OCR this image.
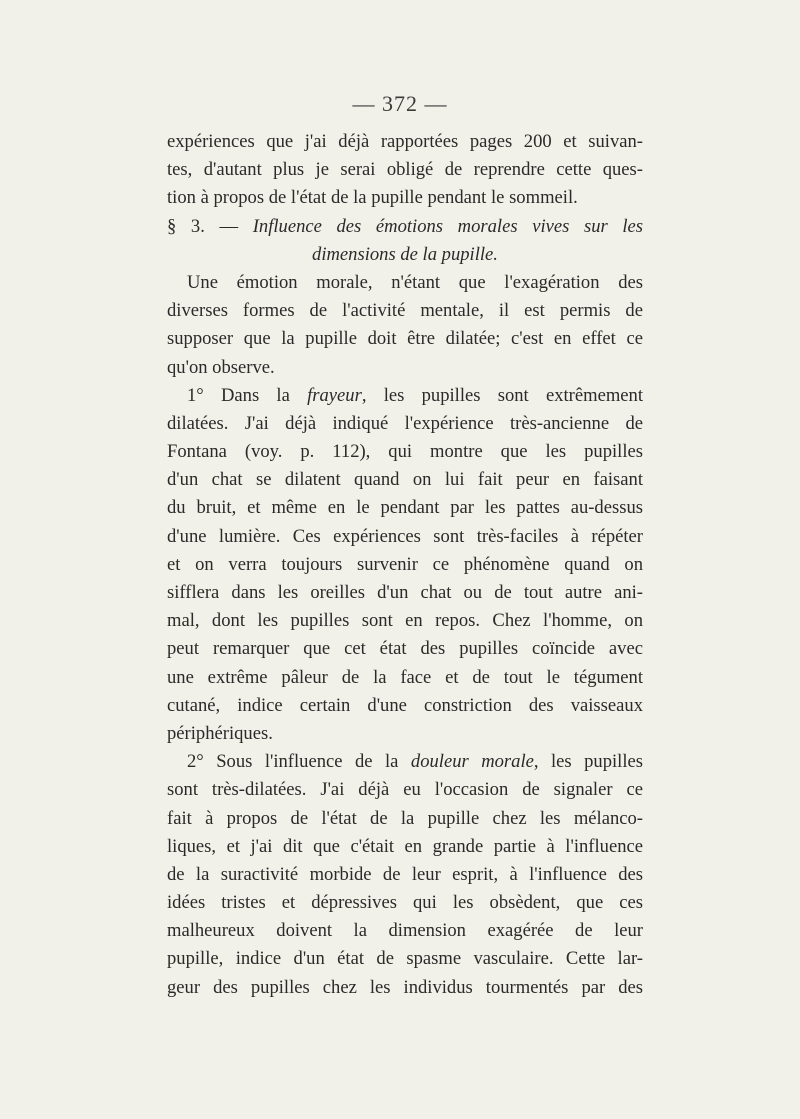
— 372 —
expériences que j'ai déjà rapportées pages 200 et suivan-
tes, d'autant plus je serai obligé de reprendre cette ques-
tion à propos de l'état de la pupille pendant le sommeil.
§ 3. — Influence des émotions morales vives sur les
dimensions de la pupille.
Une émotion morale, n'étant que l'exagération des
diverses formes de l'activité mentale, il est permis de
supposer que la pupille doit être dilatée; c'est en effet ce
qu'on observe.
1° Dans la frayeur, les pupilles sont extrêmement
dilatées. J'ai déjà indiqué l'expérience très-ancienne de
Fontana (voy. p. 112), qui montre que les pupilles
d'un chat se dilatent quand on lui fait peur en faisant
du bruit, et même en le pendant par les pattes au-dessus
d'une lumière. Ces expériences sont très-faciles à répéter
et on verra toujours survenir ce phénomène quand on
sifflera dans les oreilles d'un chat ou de tout autre ani-
mal, dont les pupilles sont en repos. Chez l'homme, on
peut remarquer que cet état des pupilles coïncide avec
une extrême pâleur de la face et de tout le tégument
cutané, indice certain d'une constriction des vaisseaux
périphériques.
2° Sous l'influence de la douleur morale, les pupilles
sont très-dilatées. J'ai déjà eu l'occasion de signaler ce
fait à propos de l'état de la pupille chez les mélanco-
liques, et j'ai dit que c'était en grande partie à l'influence
de la suractivité morbide de leur esprit, à l'influence des
idées tristes et dépressives qui les obsèdent, que ces
malheureux doivent la dimension exagérée de leur
pupille, indice d'un état de spasme vasculaire. Cette lar-
geur des pupilles chez les individus tourmentés par des
